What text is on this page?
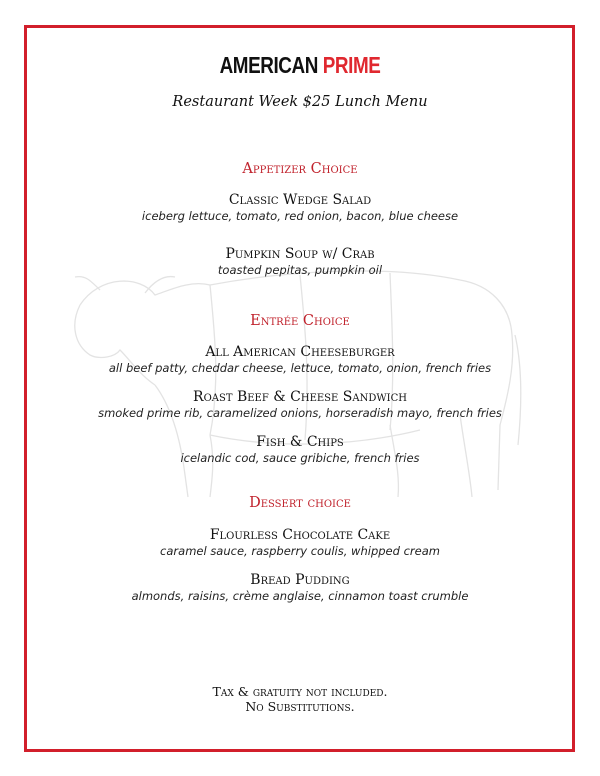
AMERICAN PRIME
Restaurant Week $25 Lunch Menu
Appetizer Choice
Classic Wedge Salad
iceberg lettuce, tomato, red onion, bacon, blue cheese
Pumpkin Soup w/ Crab
toasted pepitas, pumpkin oil
Entrée Choice
All American Cheeseburger
all beef patty, cheddar cheese, lettuce, tomato, onion, french fries
Roast Beef & Cheese Sandwich
smoked prime rib, caramelized onions, horseradish mayo, french fries
Fish & Chips
icelandic cod, sauce gribiche, french fries
Dessert choice
Flourless Chocolate Cake
caramel sauce, raspberry coulis, whipped cream
Bread Pudding
almonds, raisins, crème anglaise, cinnamon toast crumble
Tax & gratuity not included.
No Substitutions.
